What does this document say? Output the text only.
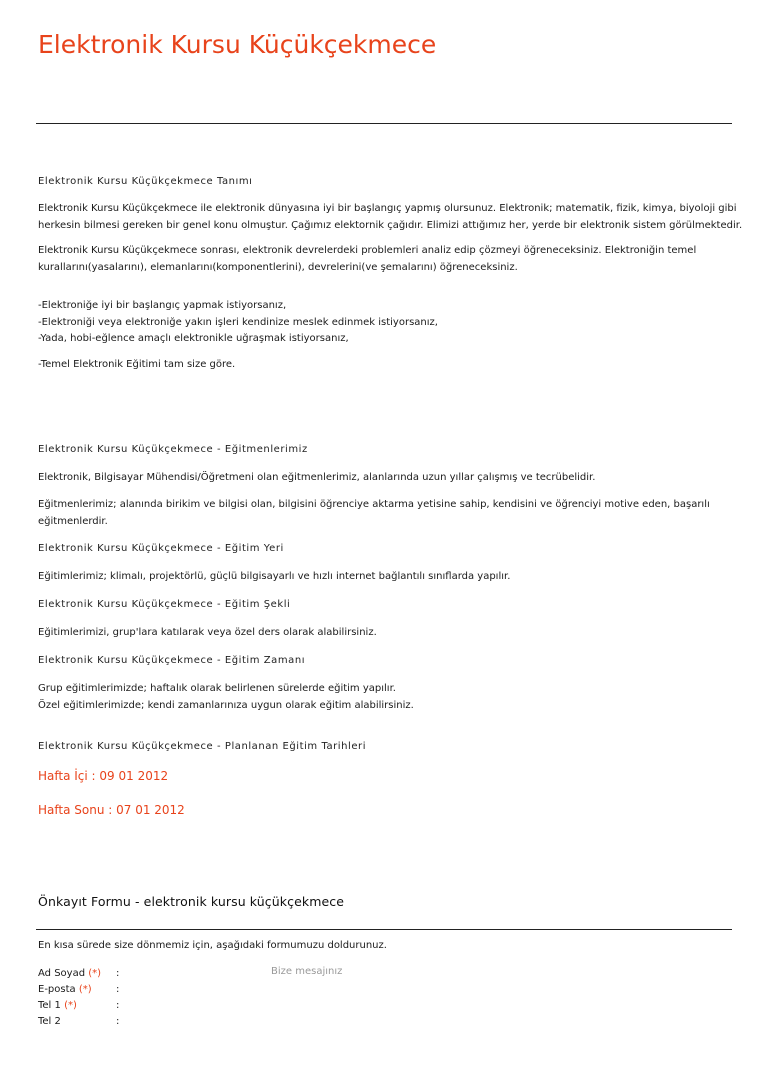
Elektronik Kursu Küçükçekmece
Elektronik Kursu Küçükçekmece Tanımı

Elektronik Kursu Küçükçekmece ile elektronik dünyasına iyi bir başlangıç yapmış olursunuz. Elektronik; matematik, fizik, kimya, biyoloji gibi

herkesin bilmesi gereken bir genel konu olmuştur. Çağımız elektornik çağıdır. Elimizi attığımız her, yerde bir elektronik sistem görülmektedir.

Elektronik Kursu Küçükçekmece sonrası, elektronik devrelerdeki problemleri analiz edip çözmeyi öğreneceksiniz. Elektroniğin temel

kurallarını(yasalarını), elemanlarını(komponentlerini), devrelerini(ve şemalarını) öğreneceksiniz.

-Elektroniğe iyi bir başlangıç yapmak istiyorsanız,

-Elektroniği veya elektroniğe yakın işleri kendinize meslek edinmek istiyorsanız,

-Yada, hobi-eğlence amaçlı elektronikle uğraşmak istiyorsanız,

-Temel Elektronik Eğitimi tam size göre.
Elektronik Kursu Küçükçekmece - Eğitmenlerimiz
Elektronik, Bilgisayar Mühendisi/Öğretmeni olan eğitmenlerimiz, alanlarında uzun yıllar çalışmış ve tecrübelidir.

Eğitmenlerimiz; alanında birikim ve bilgisi olan, bilgisini öğrenciye aktarma yetisine sahip, kendisini ve öğrenciyi motive eden, başarılı

eğitmenlerdir.

Elektronik Kursu Küçükçekmece - Eğitim Yeri
Eğitimlerimiz; klimalı, projektörlü, güçlü bilgisayarlı ve hızlı internet bağlantılı sınıflarda yapılır.
Elektronik Kursu Küçükçekmece - Eğitim Şekli
Eğitimlerimizi, grup'lara katılarak veya özel ders olarak alabilirsiniz.
Elektronik Kursu Küçükçekmece - Eğitim Zamanı

Grup eğitimlerimizde; haftalık olarak belirlenen sürelerde eğitim yapılır.

Özel eğitimlerimizde; kendi zamanlarınıza uygun olarak eğitim alabilirsiniz.

Elektronik Kursu Küçükçekmece - Planlanan Eğitim Tarihleri
Hafta İçi : 09 01 2012
Hafta Sonu : 07 01 2012
Önkayıt Formu - elektronik kursu küçükçekmece
En kısa sürede size dönmemiz için, aşağıdaki formumuzu doldurunuz.
Ad Soyad (*) :
E-posta (*) :
Tel 1 (*)	:
Tel 2	:
Bize mesajınız
